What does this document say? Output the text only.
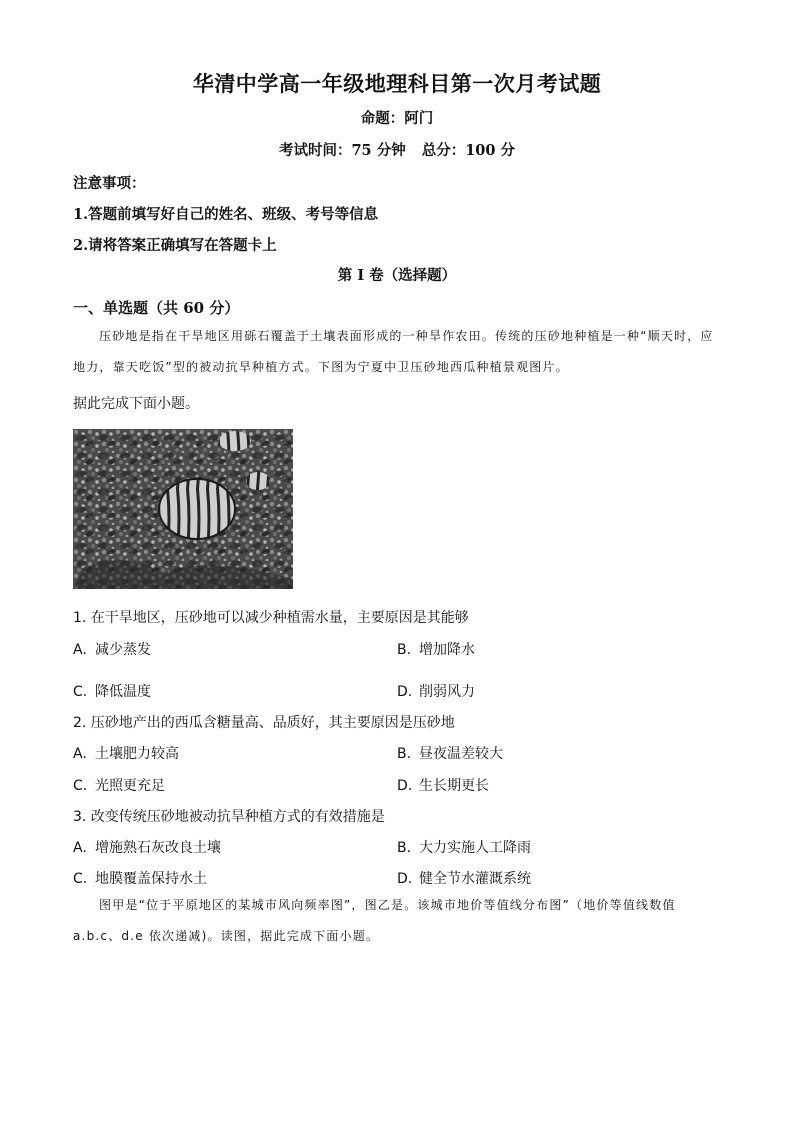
华清中学高一年级地理科目第一次月考试题
命题：阿门
考试时间：75 分钟 总分：100 分
注意事项：
1.答题前填写好自己的姓名、班级、考号等信息
2.请将答案正确填写在答题卡上
第 I 卷（选择题）
一、单选题（共 60 分）
压砂地是指在干旱地区用砾石覆盖于土壤表面形成的一种旱作农田。传统的压砂地种植是一种“顺天时，应地力，靠天吃饭”型的被动抗旱种植方式。下图为宁夏中卫压砂地西瓜种植景观图片。
据此完成下面小题。
1. 在干旱地区，压砂地可以减少种植需水量，主要原因是其能够
A. 减少蒸发	B. 增加降水
C. 降低温度	D. 削弱风力
2. 压砂地产出的西瓜含糖量高、品质好，其主要原因是压砂地
A. 土壤肥力较高	B. 昼夜温差较大
C. 光照更充足	D. 生长期更长
3. 改变传统压砂地被动抗旱种植方式的有效措施是
A. 增施熟石灰改良土壤	B. 大力实施人工降雨
C. 地膜覆盖保持水土	D. 健全节水灌溉系统
图甲是“位于平原地区的某城市风向频率图”，图乙是。该城市地价等值线分布图”（地价等值线数值 a.b.c、d.e 依次递减)。读图，据此完成下面小题。
